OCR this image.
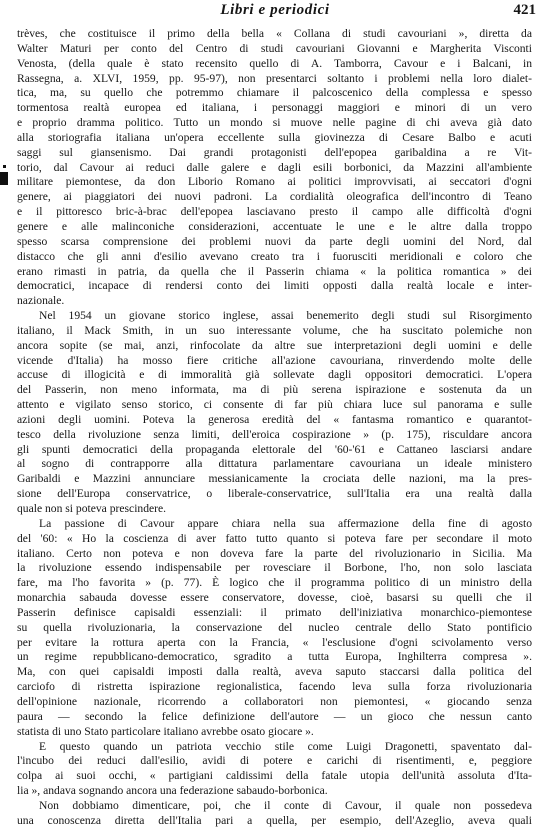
Libri e periodici	421
trèves, che costituisce il primo della bella « Collana di studi cavouriani », diretta da
Walter Maturi per conto del Centro di studi cavouriani Giovanni e Margherita Visconti
Venosta, (della quale è stato recensito quello di A. Tamborra, Cavour e i Balcani, in
Rassegna, a. XLVI, 1959, pp. 95-97), non presentarci soltanto i problemi nella loro dialet-
tica, ma, su quello che potremmo chiamare il palcoscenico della complessa e spesso
tormentosa realtà europea ed italiana, i personaggi maggiori e minori di un vero
e proprio dramma politico. Tutto un mondo si muove nelle pagine di chi aveva già dato
alla storiografia italiana un'opera eccellente sulla giovinezza di Cesare Balbo e acuti
saggi sul giansenismo. Dai grandi protagonisti dell'epopea garibaldina a re Vit-
torio, dal Cavour ai reduci dalle galere e dagli esili borbonici, da Mazzini all'ambiente
militare piemontese, da don Liborio Romano ai politici improvvisati, ai seccatori d'ogni
genere, ai piaggiatori dei nuovi padroni. La cordialità oleografica dell'incontro di Teano
e il pittoresco bric-à-brac dell'epopea lasciavano presto il campo alle difficoltà d'ogni
genere e alle malinconiche considerazioni, accentuate le une e le altre dalla troppo
spesso scarsa comprensione dei problemi nuovi da parte degli uomini del Nord, dal
distacco che gli anni d'esilio avevano creato tra i fuorusciti meridionali e coloro che
erano rimasti in patria, da quella che il Passerin chiama « la politica romantica » dei
democratici, incapace di rendersi conto dei limiti opposti dalla realtà locale e inter-
nazionale.
Nel 1954 un giovane storico inglese, assai benemerito degli studi sul Risorgimento
italiano, il Mack Smith, in un suo interessante volume, che ha suscitato polemiche non
ancora sopite (se mai, anzi, rinfocolate da altre sue interpretazioni degli uomini e delle
vicende d'Italia) ha mosso fiere critiche all'azione cavouriana, rinverdendo molte delle
accuse di illogicità e di immoralità già sollevate dagli oppositori democratici. L'opera
del Passerin, non meno informata, ma di più serena ispirazione e sostenuta da un
attento e vigilato senso storico, ci consente di far più chiara luce sul panorama e sulle
azioni degli uomini. Poteva la generosa eredità del « fantasma romantico e quarantot-
tesco della rivoluzione senza limiti, dell'eroica cospirazione » (p. 175), risculdare ancora
gli spunti democratici della propaganda elettorale del '60-'61 e Cattaneo lasciarsi andare
al sogno di contrapporre alla dittatura parlamentare cavouriana un ideale ministero
Garibaldi e Mazzini annunciare messianicamente la crociata delle nazioni, ma la pres-
sione dell'Europa conservatrice, o liberale-conservatrice, sull'Italia era una realtà dalla
quale non si poteva prescindere.
La passione di Cavour appare chiara nella sua affermazione della fine di agosto
del '60: « Ho la coscienza di aver fatto tutto quanto si poteva fare per secondare il moto
italiano. Certo non poteva e non doveva fare la parte del rivoluzionario in Sicilia. Ma
la rivoluzione essendo indispensabile per rovesciare il Borbone, l'ho, non solo lasciata
fare, ma l'ho favorita » (p. 77). È logico che il programma politico di un ministro della
monarchia sabauda dovesse essere conservatore, dovesse, cioè, basarsi su quelli che il
Passerin definisce capisaldi essenziali: il primato dell'iniziativa monarchico-piemontese
su quella rivoluzionaria, la conservazione del nucleo centrale dello Stato pontificio
per evitare la rottura aperta con la Francia, « l'esclusione d'ogni scivolamento verso
un regime repubblicano-democratico, sgradito a tutta Europa, Inghilterra compresa ».
Ma, con quei capisaldi imposti dalla realtà, aveva saputo staccarsi dalla politica del
carciofo di ristretta ispirazione regionalistica, facendo leva sulla forza rivoluzionaria
dell'opinione nazionale, ricorrendo a collaboratori non piemontesi, « giocando senza
paura — secondo la felice definizione dell'autore — un gioco che nessun canto
statista di uno Stato particolare italiano avrebbe osato giocare ».
E questo quando un patriota vecchio stile come Luigi Dragonetti, spaventato dal-
l'incubo dei reduci dall'esilio, avidi di potere e carichi di risentimenti, e, peggiore
colpa ai suoi occhi, « partigiani caldissimi della fatale utopia dell'unità assoluta d'Ita-
lia », andava sognando ancora una federazione sabaudo-borbonica.
Non dobbiamo dimenticare, poi, che il conte di Cavour, il quale non possedeva
una conoscenza diretta dell'Italia pari a quella, per esempio, dell'Azeglio, aveva quali
